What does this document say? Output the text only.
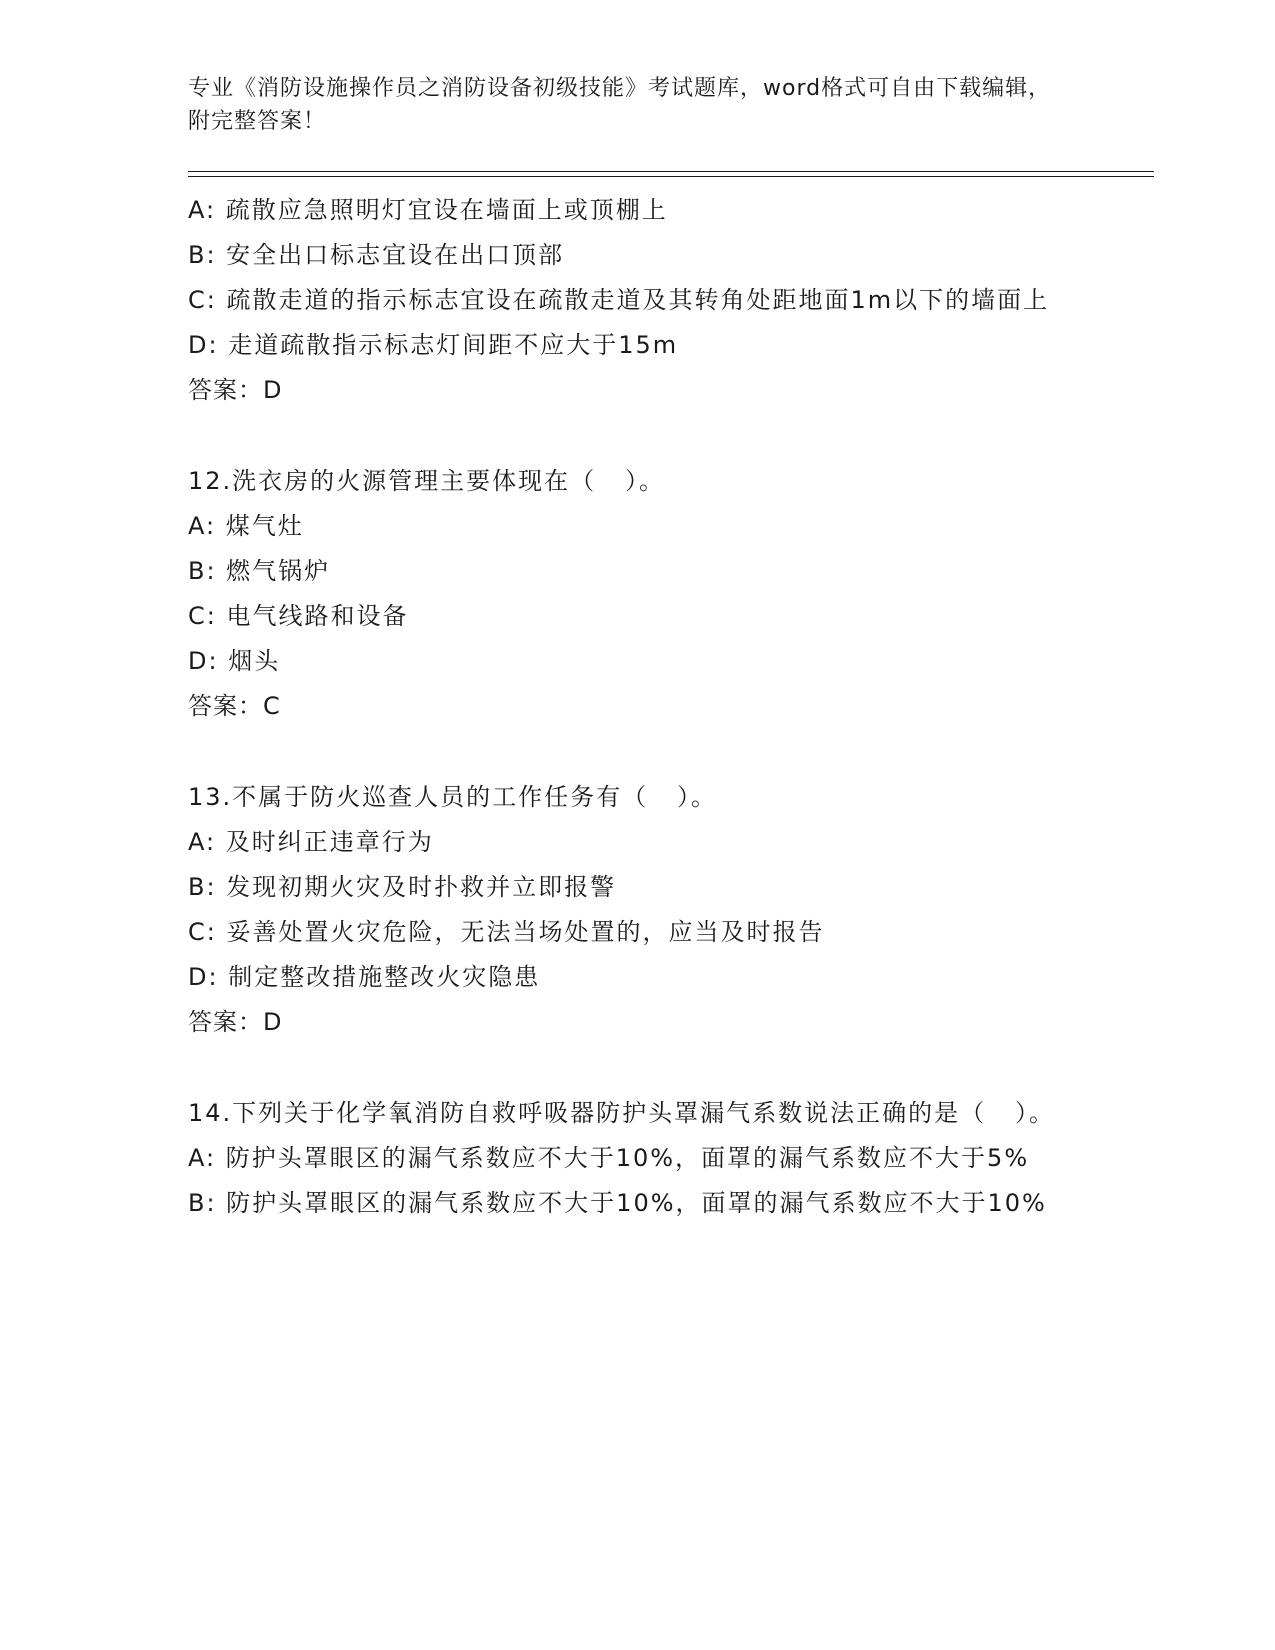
专业《消防设施操作员之消防设备初级技能》考试题库，word格式可自由下载编辑，附完整答案！
A: 疏散应急照明灯宜设在墙面上或顶棚上
B: 安全出口标志宜设在出口顶部
C: 疏散走道的指示标志宜设在疏散走道及其转角处距地面1m以下的墙面上
D: 走道疏散指示标志灯间距不应大于15m
答案：D
12.洗衣房的火源管理主要体现在（   ）。
A: 煤气灶
B: 燃气锅炉
C: 电气线路和设备
D: 烟头
答案：C
13.不属于防火巡查人员的工作任务有（   ）。
A: 及时纠正违章行为
B: 发现初期火灾及时扑救并立即报警
C: 妥善处置火灾危险，无法当场处置的，应当及时报告
D: 制定整改措施整改火灾隐患
答案：D
14.下列关于化学氧消防自救呼吸器防护头罩漏气系数说法正确的是（   ）。
A: 防护头罩眼区的漏气系数应不大于10%，面罩的漏气系数应不大于5%
B: 防护头罩眼区的漏气系数应不大于10%，面罩的漏气系数应不大于10%
